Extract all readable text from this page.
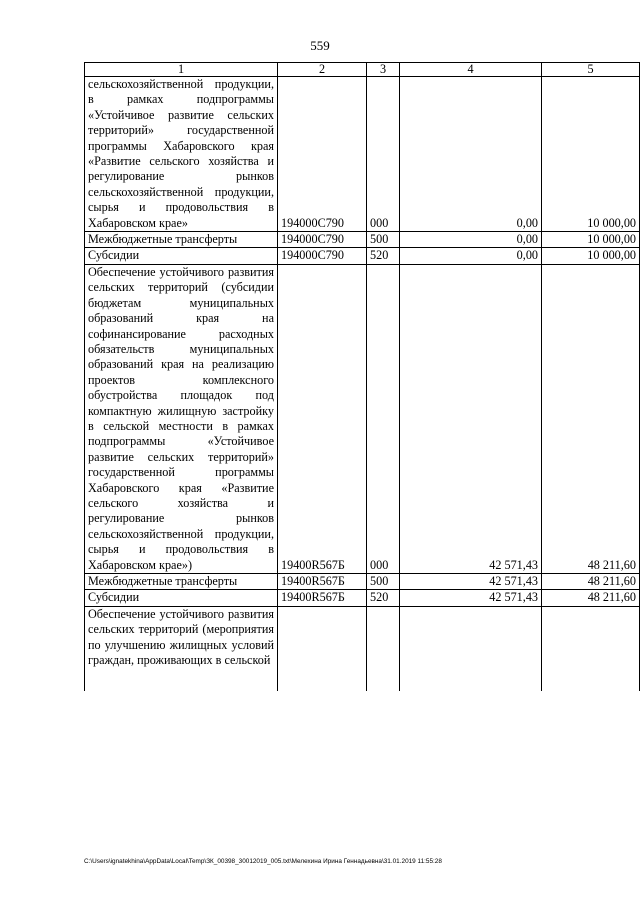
559
1	2	3	4	5
сельскохозяйственной продукции, в рамках подпрограммы «Устойчивое развитие сельских территорий» государственной программы Хабаровского края «Развитие сельского хозяйства и регулирование рынков сельскохозяйственной продукции, сырья и продовольствия в Хабаровском крае»	194000С790	000	0,00	10 000,00
Межбюджетные трансферты	194000С790	500	0,00	10 000,00
Субсидии	194000С790	520	0,00	10 000,00
Обеспечение устойчивого развития сельских территорий (субсидии бюджетам муниципальных образований края на софинансирование расходных обязательств муниципальных образований края на реализацию проектов комплексного обустройства площадок под компактную жилищную застройку в сельской местности в рамках подпрограммы «Устойчивое развитие сельских территорий» государственной программы Хабаровского края «Развитие сельского хозяйства и регулирование рынков сельскохозяйственной продукции, сырья и продовольствия в Хабаровском крае»)	19400R567Б	000	42 571,43	48 211,60
Межбюджетные трансферты	19400R567Б	500	42 571,43	48 211,60
Субсидии	19400R567Б	520	42 571,43	48 211,60
Обеспечение устойчивого развития сельских территорий (мероприятия по улучшению жилищных условий граждан, проживающих в сельской				
C:\Users\ignatekhina\AppData\Local\Temp\ЗК_00398_30012019_005.txt\Мелехина Ирина Геннадьевна\31.01.2019 11:55:28
